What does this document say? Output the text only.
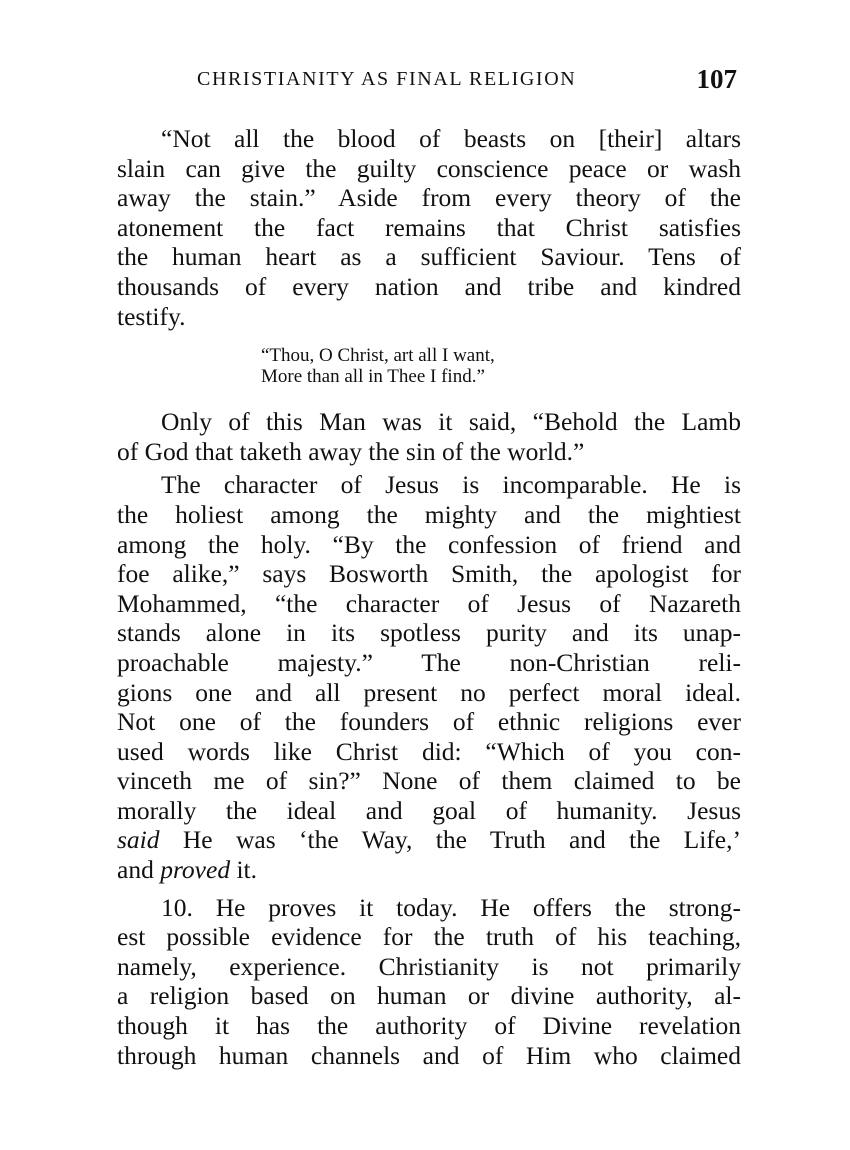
CHRISTIANITY AS FINAL RELIGION	107

“Not all the blood of beasts on [their] altars
slain can give the guilty conscience peace or wash
away the stain.” Aside from every theory of the
atonement the fact remains that Christ satisfies
the human heart as a sufficient Saviour. Tens of
thousands of every nation and tribe and kindred
testify.

“Thou, O Christ, art all I want,
More than all in Thee I find.”

Only of this Man was it said, “Behold the Lamb
of God that taketh away the sin of the world.”

The character of Jesus is incomparable. He is
the holiest among the mighty and the mightiest
among the holy. “By the confession of friend and
foe alike,” says Bosworth Smith, the apologist for
Mohammed, “the character of Jesus of Nazareth
stands alone in its spotless purity and its unap-
proachable majesty.” The non-Christian reli-
gions one and all present no perfect moral ideal.
Not one of the founders of ethnic religions ever
used words like Christ did: “Which of you con-
vinceth me of sin?” None of them claimed to be
morally the ideal and goal of humanity. Jesus
said He was ‘the Way, the Truth and the Life,’
and proved it.

10. He proves it today. He offers the strong-
est possible evidence for the truth of his teaching,
namely, experience. Christianity is not primarily
a religion based on human or divine authority, al-
though it has the authority of Divine revelation
through human channels and of Him who claimed
